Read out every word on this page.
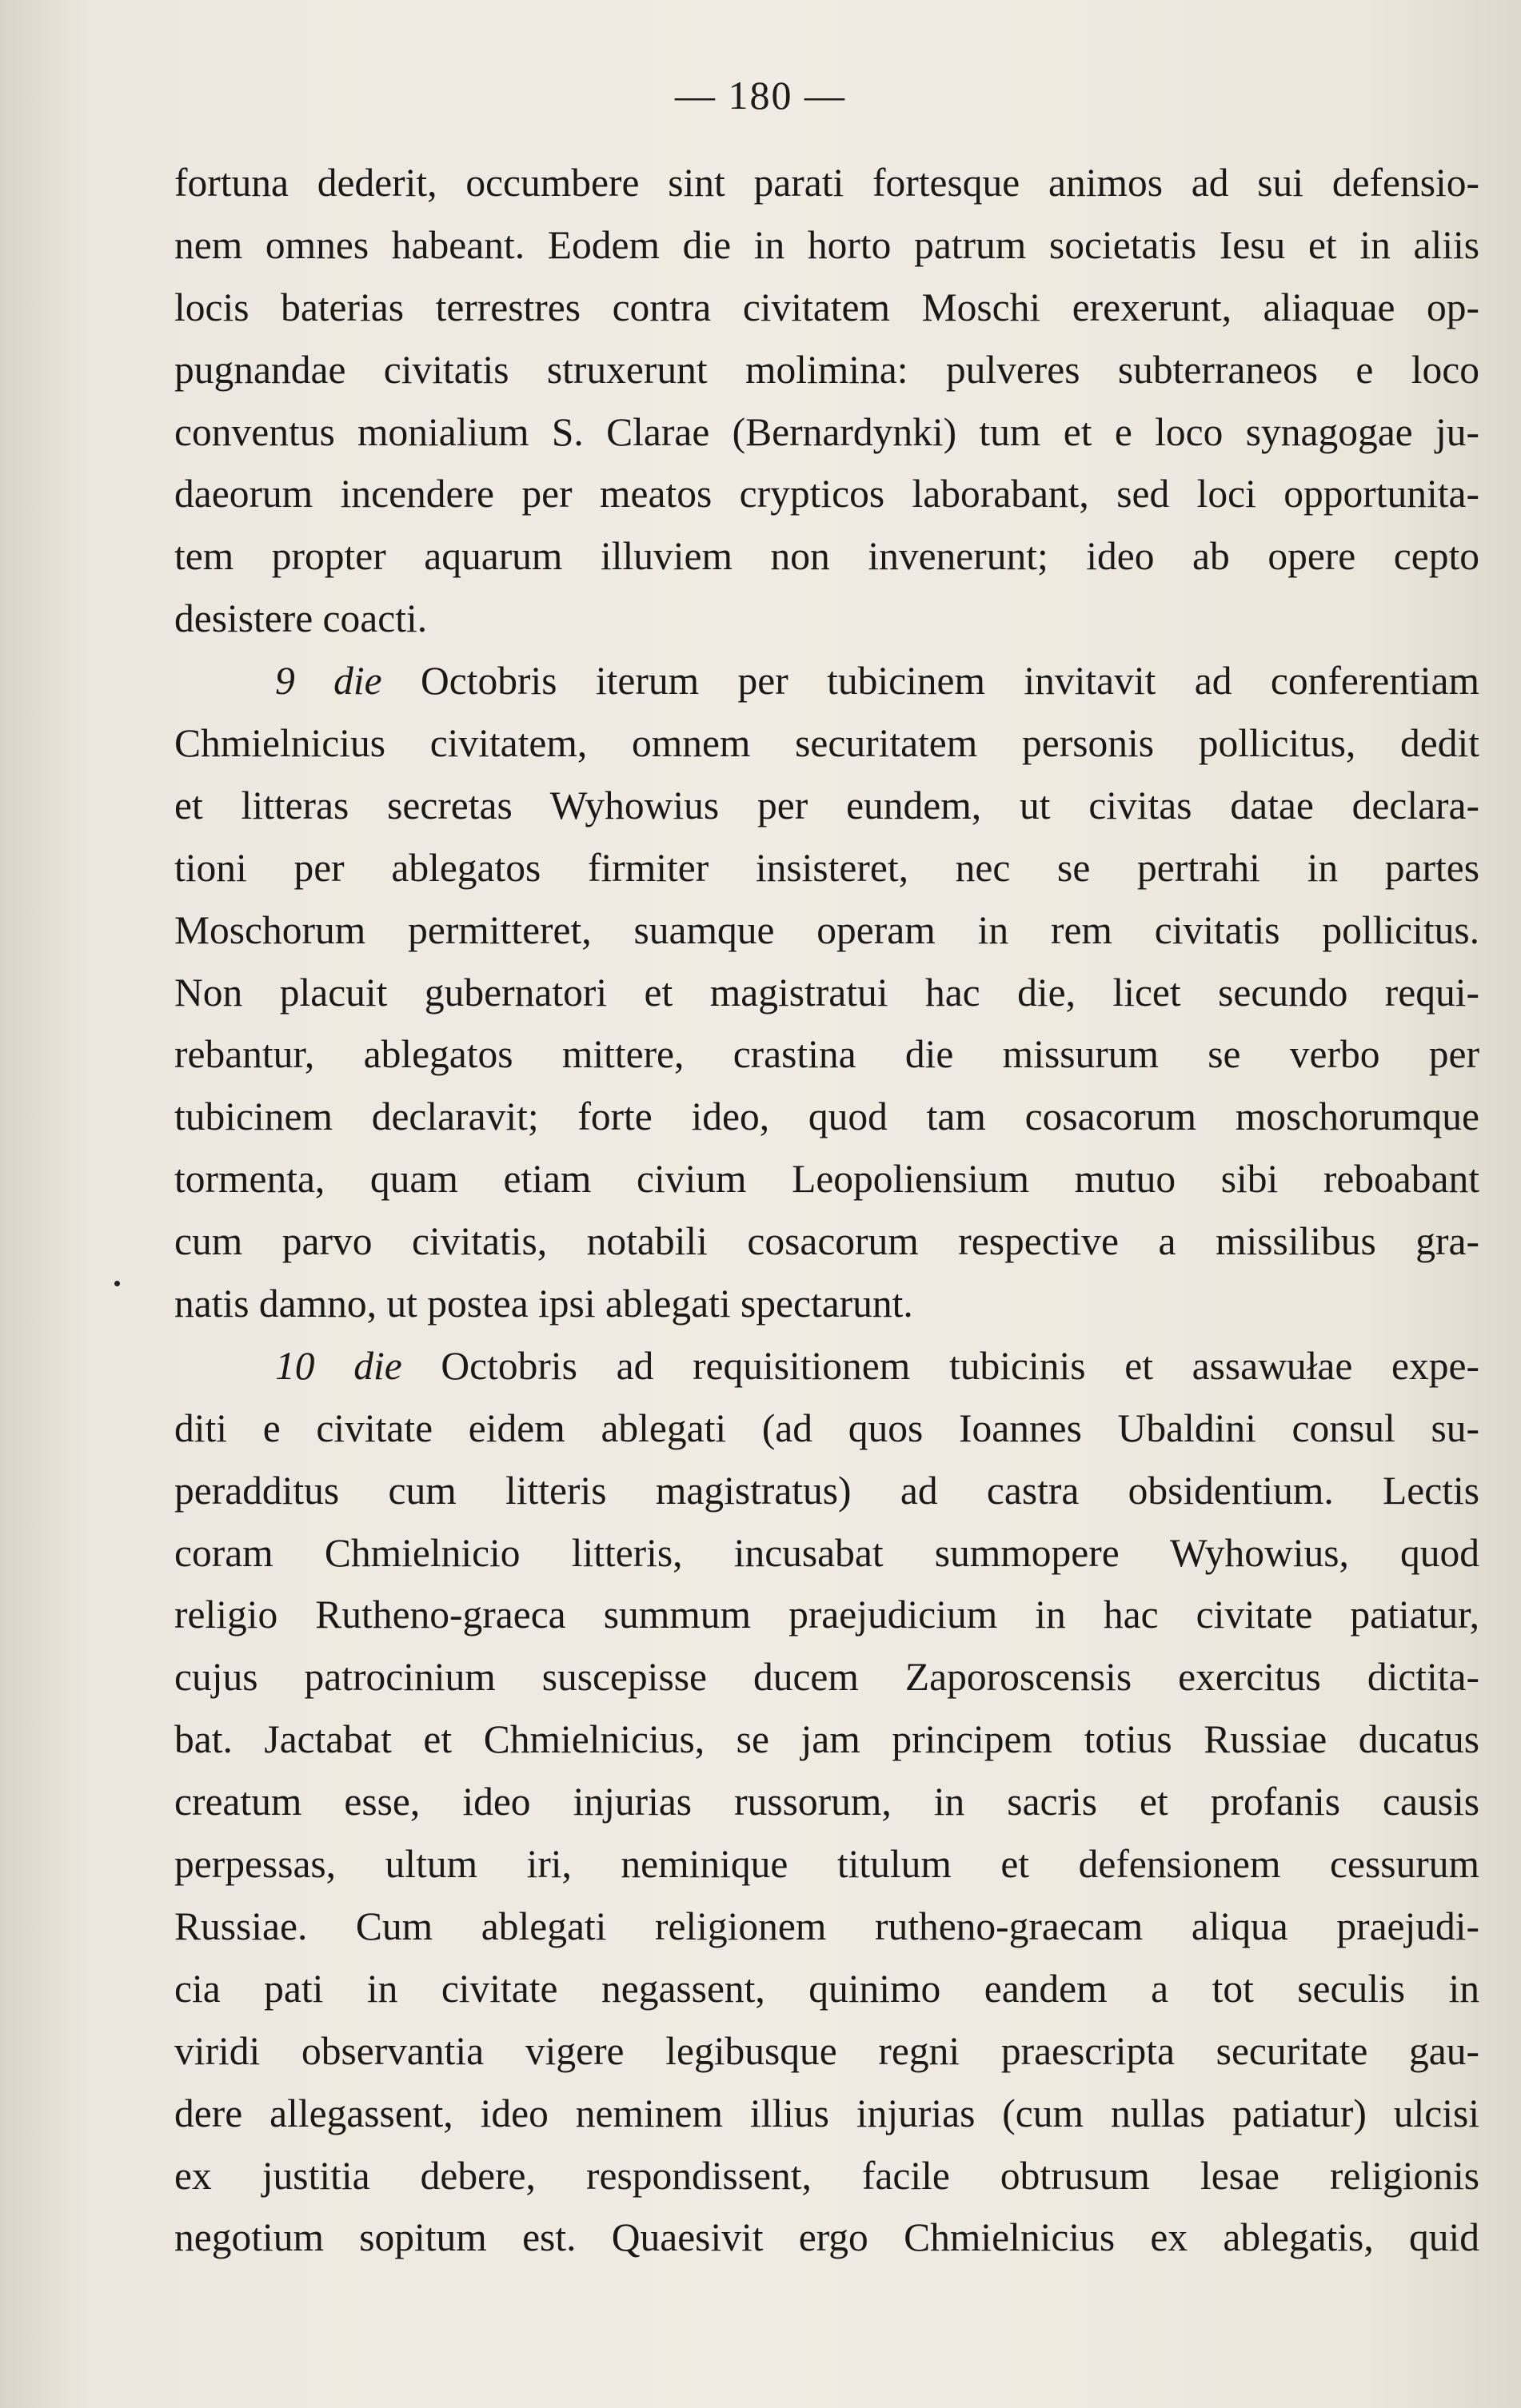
— 180 —
fortuna dederit, occumbere sint parati fortesque animos ad sui defensio-
nem omnes habeant. Eodem die in horto patrum societatis Iesu et in aliis
locis baterias terrestres contra civitatem Moschi erexerunt, aliaquae op-
pugnandae civitatis struxerunt molimina: pulveres subterraneos e loco
conventus monialium S. Clarae (Bernardynki) tum et e loco synagogae ju-
daeorum incendere per meatos crypticos laborabant, sed loci opportunita-
tem propter aquarum illuviem non invenerunt; ideo ab opere cepto
desistere coacti.
9 die Octobris iterum per tubicinem invitavit ad conferentiam
Chmielnicius civitatem, omnem securitatem personis pollicitus, dedit
et litteras secretas Wyhowius per eundem, ut civitas datae declara-
tioni per ablegatos firmiter insisteret, nec se pertrahi in partes
Moschorum permitteret, suamque operam in rem civitatis pollicitus.
Non placuit gubernatori et magistratui hac die, licet secundo requi-
rebantur, ablegatos mittere, crastina die missurum se verbo per
tubicinem declaravit; forte ideo, quod tam cosacorum moschorumque
tormenta, quam etiam civium Leopoliensium mutuo sibi reboabant
cum parvo civitatis, notabili cosacorum respective a missilibus gra-
natis damno, ut postea ipsi ablegati spectarunt.
10 die Octobris ad requisitionem tubicinis et assawułae expe-
diti e civitate eidem ablegati (ad quos Ioannes Ubaldini consul su-
peradditus cum litteris magistratus) ad castra obsidentium. Lectis
coram Chmielnicio litteris, incusabat summopere Wyhowius, quod
religio Rutheno-graeca summum praejudicium in hac civitate patiatur,
cujus patrocinium suscepisse ducem Zaporoscensis exercitus dictita-
bat. Jactabat et Chmielnicius, se jam principem totius Russiae ducatus
creatum esse, ideo injurias russorum, in sacris et profanis causis
perpessas, ultum iri, neminique titulum et defensionem cessurum
Russiae. Cum ablegati religionem rutheno-graecam aliqua praejudi-
cia pati in civitate negassent, quinimo eandem a tot seculis in
viridi observantia vigere legibusque regni praescripta securitate gau-
dere allegassent, ideo neminem illius injurias (cum nullas patiatur) ulcisi
ex justitia debere, respondissent, facile obtrusum lesae religionis
negotium sopitum est. Quaesivit ergo Chmielnicius ex ablegatis, quid
